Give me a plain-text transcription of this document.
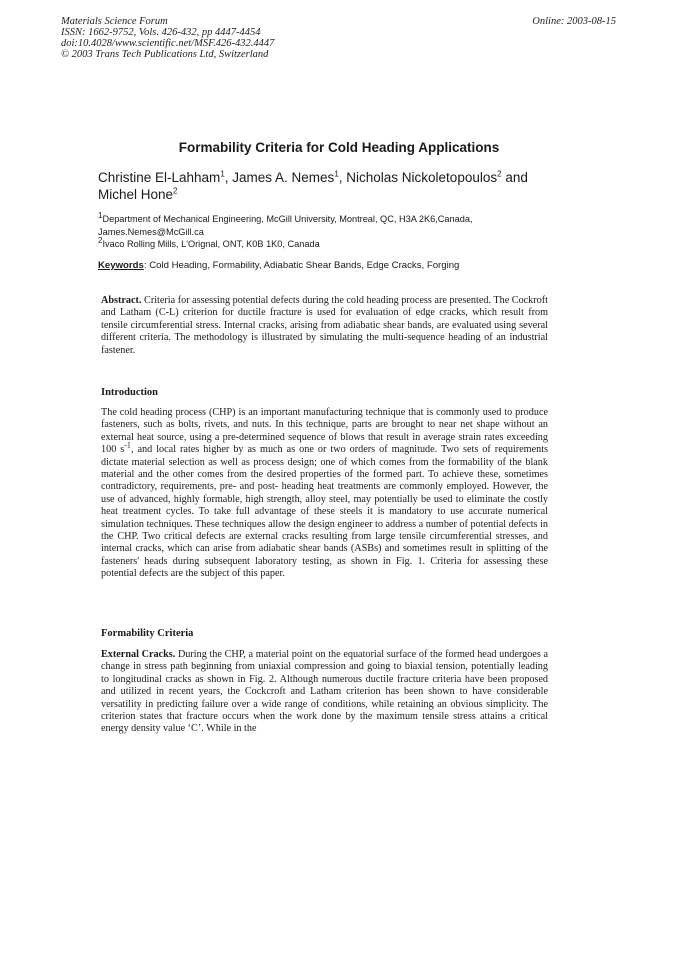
Materials Science Forum
ISSN: 1662-9752, Vols. 426-432, pp 4447-4454
doi:10.4028/www.scientific.net/MSF.426-432.4447
© 2003 Trans Tech Publications Ltd, Switzerland
Online: 2003-08-15
Formability Criteria for Cold Heading Applications
Christine El-Lahham$^1$, James A. Nemes$^1$, Nicholas Nickoletopoulos$^2$ and
Michel Hone$^2$
$^1$Department of Mechanical Engineering, McGill University, Montreal, QC, H3A 2K6,Canada,
James.Nemes@McGill.ca
$^2$Ivaco Rolling Mills, L'Orignal, ONT, K0B 1K0, Canada
Keywords: Cold Heading, Formability, Adiabatic Shear Bands, Edge Cracks, Forging
Abstract. Criteria for assessing potential defects during the cold heading process are presented. The Cockroft and Latham (C-L) criterion for ductile fracture is used for evaluation of edge cracks, which result from tensile circumferential stress. Internal cracks, arising from adiabatic shear bands, are evaluated using several different criteria. The methodology is illustrated by simulating the multi-sequence heading of an industrial fastener.
Introduction
The cold heading process (CHP) is an important manufacturing technique that is commonly used to produce fasteners, such as bolts, rivets, and nuts. In this technique, parts are brought to near net shape without an external heat source, using a pre-determined sequence of blows that result in average strain rates exceeding 100 $s^{-1}$, and local rates higher by as much as one or two orders of magnitude. Two sets of requirements dictate material selection as well as process design; one of which comes from the formability of the blank material and the other comes from the desired properties of the formed part. To achieve these, sometimes contradictory, requirements, pre- and post- heading heat treatments are commonly employed. However, the use of advanced, highly formable, high strength, alloy steel, may potentially be used to eliminate the costly heat treatment cycles. To take full advantage of these steels it is mandatory to use accurate numerical simulation techniques. These techniques allow the design engineer to address a number of potential defects in the CHP. Two critical defects are external cracks resulting from large tensile circumferential stresses, and internal cracks, which can arise from adiabatic shear bands (ASBs) and sometimes result in splitting of the fasteners' heads during subsequent laboratory testing, as shown in Fig. 1. Criteria for assessing these potential defects are the subject of this paper.
Formability Criteria
External Cracks. During the CHP, a material point on the equatorial surface of the formed head undergoes a change in stress path beginning from uniaxial compression and going to biaxial tension, potentially leading to longitudinal cracks as shown in Fig. 2. Although numerous ductile fracture criteria have been proposed and utilized in recent years, the Cockcroft and Latham criterion has been shown to have considerable versatility in predicting failure over a wide range of conditions, while retaining an obvious simplicity. The criterion states that fracture occurs when the work done by the maximum tensile stress attains a critical energy density value ‘C’. While in the
